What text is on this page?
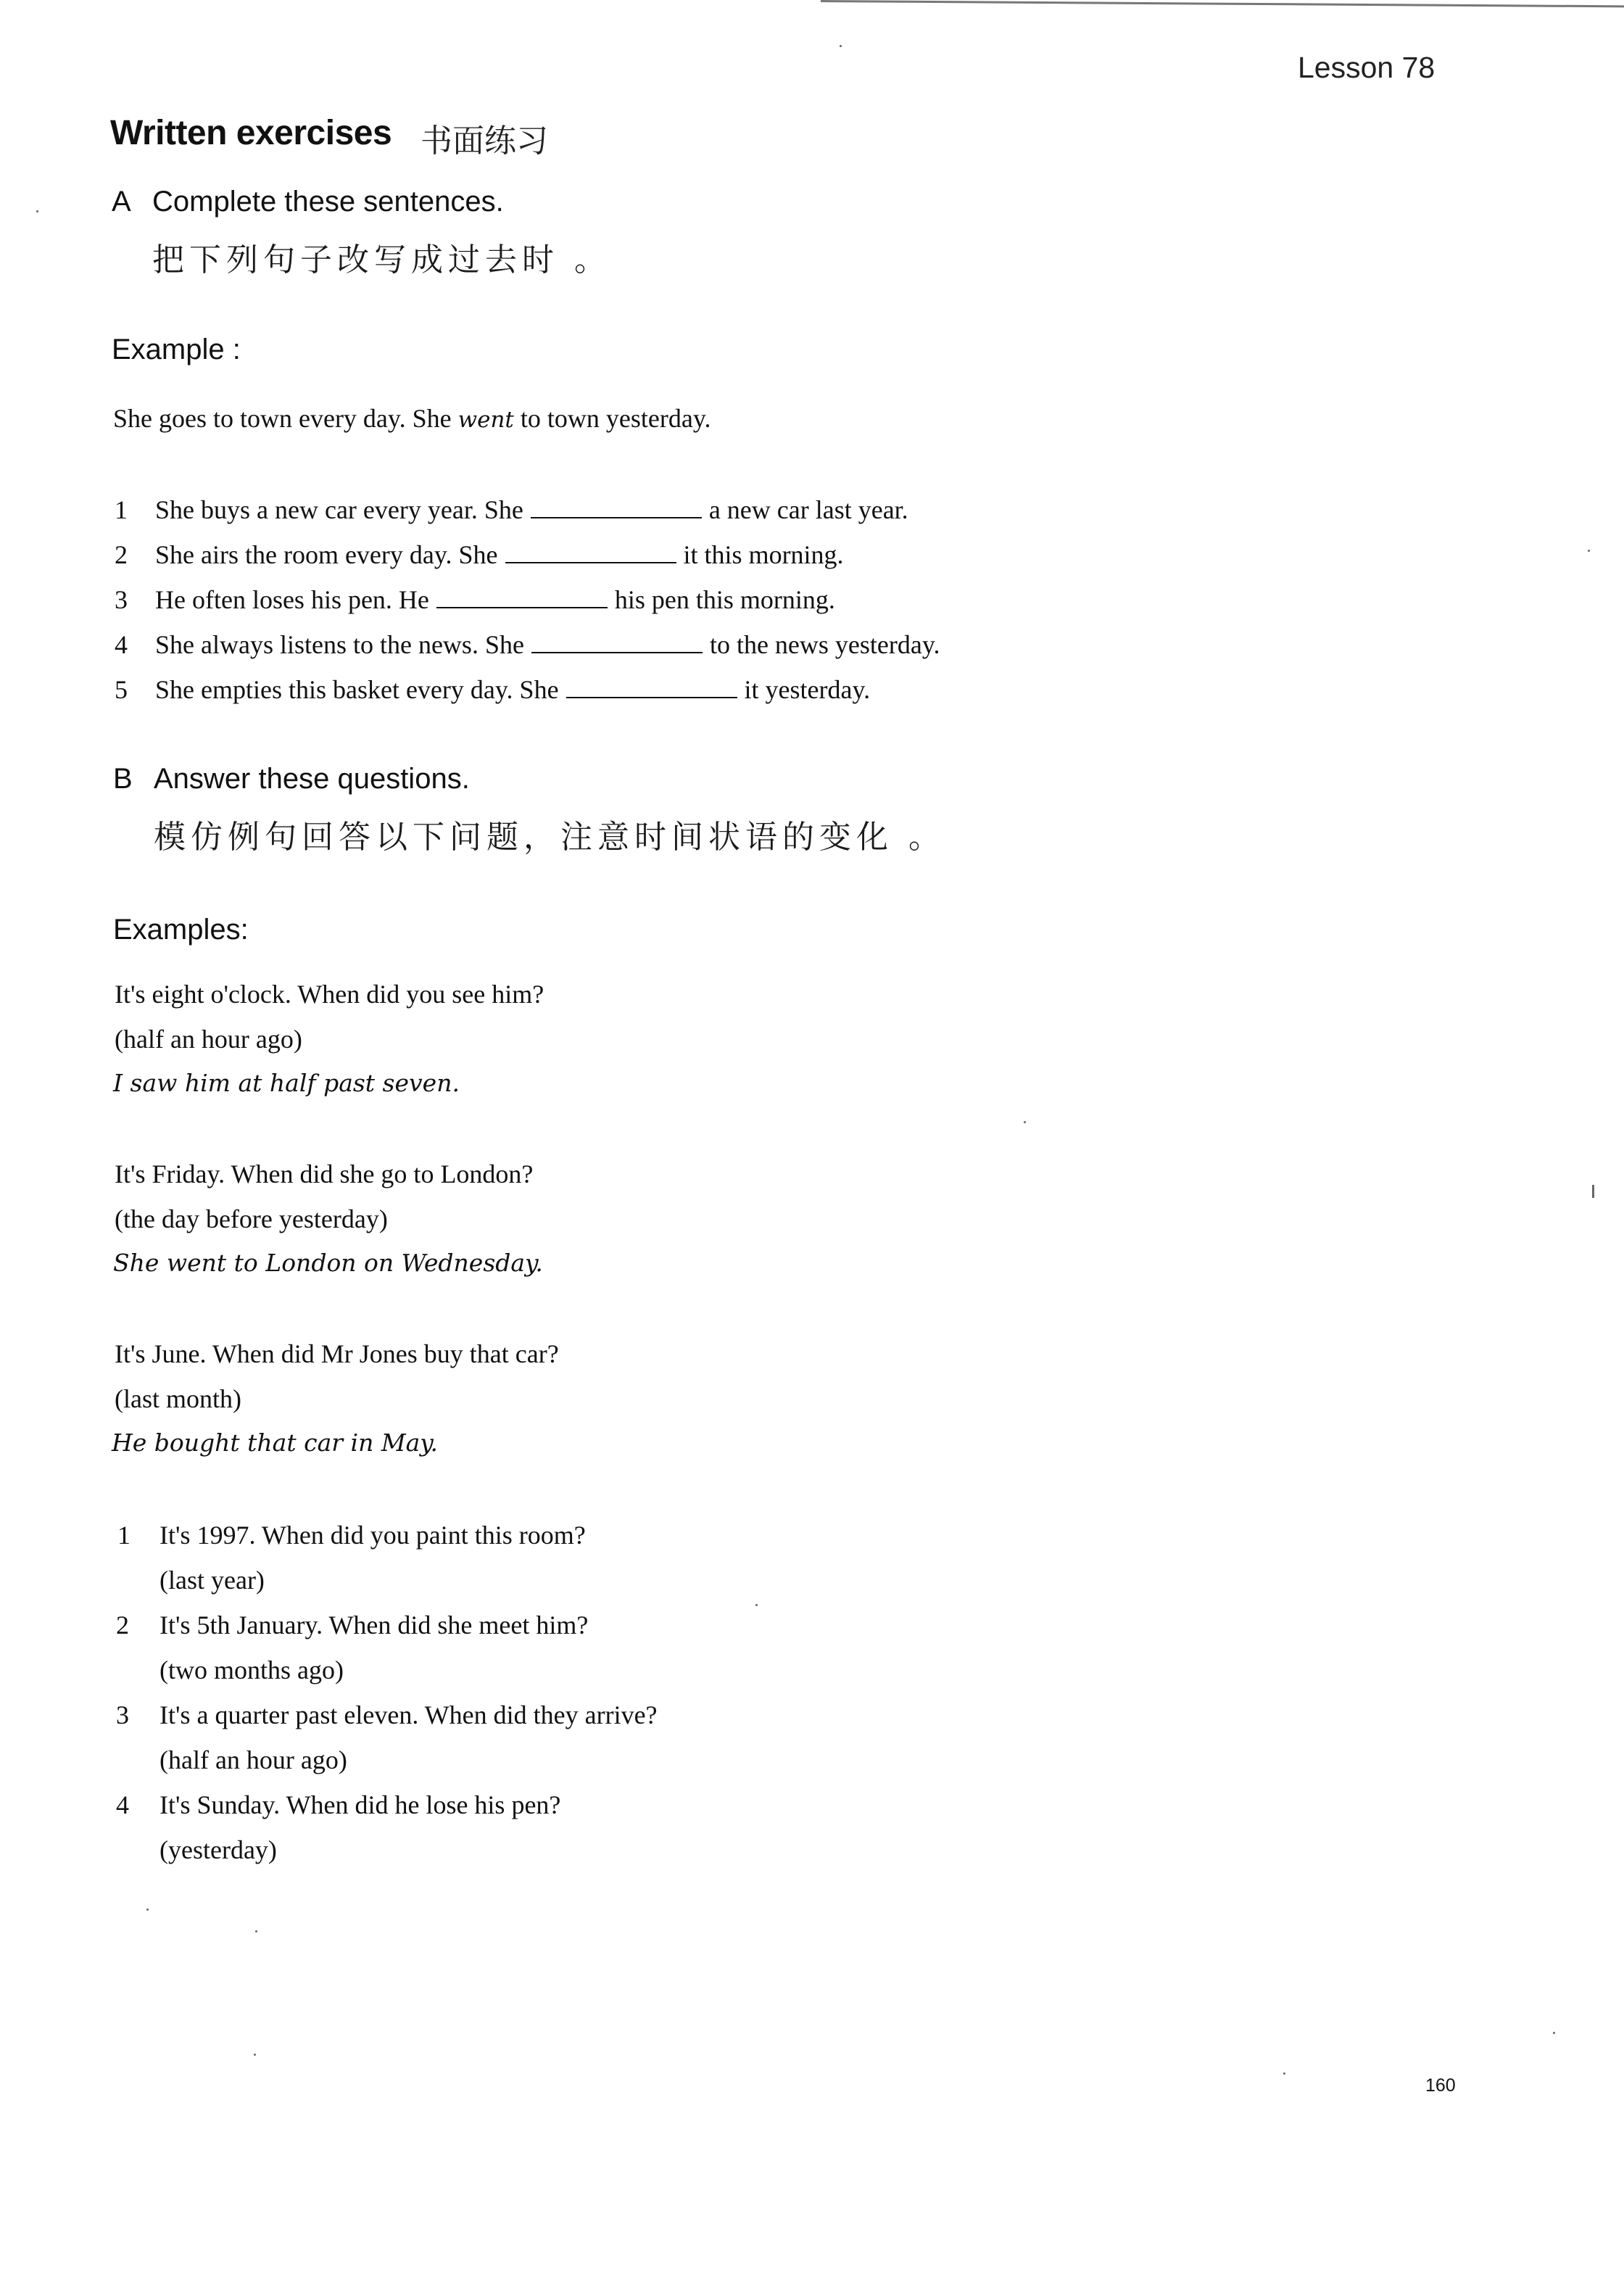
Lesson 78
Written exercises 书面练习
A Complete these sentences.
把下列句子改写成过去时 。
Example :
She goes to town every day. She went to town yesterday.
1 She buys a new car every year. She	a new car last year.
2 She airs the room every day. She	it this morning.
3 He often loses his pen. He	his pen this morning.
4 She always listens to the news. She	to the news yesterday.
5 She empties this basket every day. She	it yesterday.
B Answer these questions.
模仿例句回答以下问题，注意时间状语的变化 。
Examples:
It's eight o'clock. When did you see him?
(half an hour ago)
I saw him at half past seven.
It's Friday. When did she go to London?
(the day before yesterday)
She went to London on Wednesday.
It's June. When did Mr Jones buy that car?
(last month)
He bought that car in May.
1 It's 1997. When did you paint this room?
(last year)
2 It's 5th January. When did she meet him?
(two months ago)
3 It's a quarter past eleven. When did they arrive?
(half an hour ago)
4 It's Sunday. When did he lose his pen?
(yesterday)
160
